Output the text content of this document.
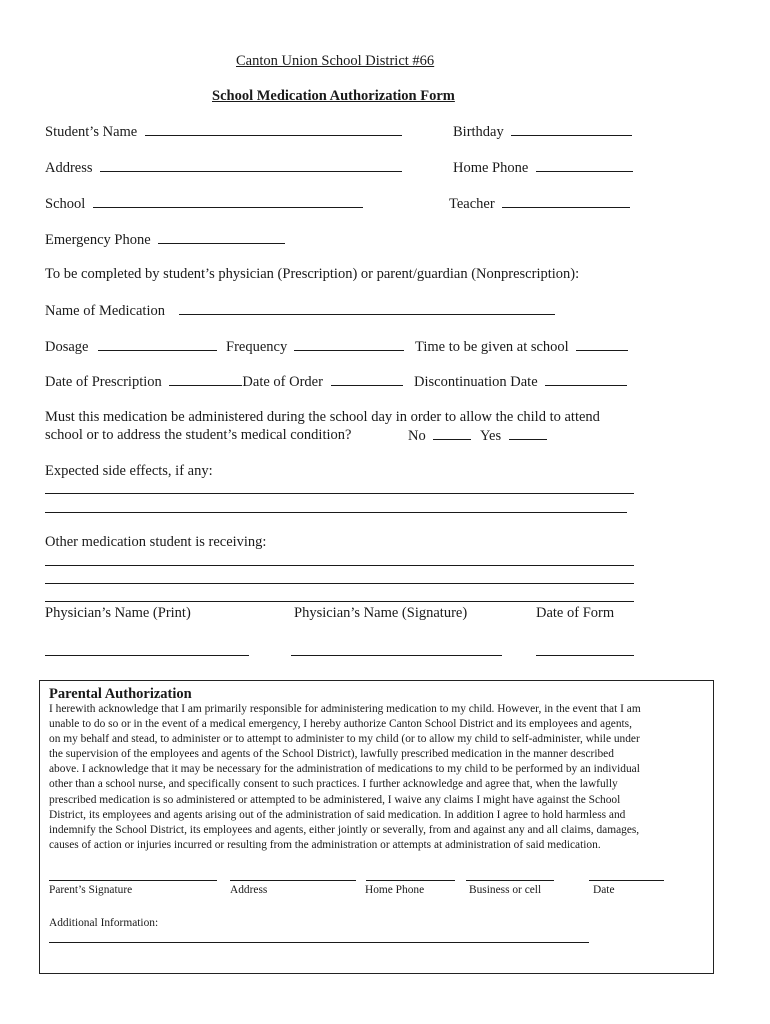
Canton Union School District #66
School Medication Authorization Form
Student’s Name	Birthday
Address	Home Phone
School	Teacher
Emergency Phone
To be completed by student’s physician (Prescription) or parent/guardian (Nonprescription):
Name of Medication
Dosage	Frequency	Time to be given at school
Date of Prescription	Date of Order	Discontinuation Date
Must this medication be administered during the school day in order to allow the child to attend
school or to address the student’s medical condition?	No	Yes
Expected side effects, if any:
Other medication student is receiving:
Physician’s Name (Print)	Physician’s Name (Signature)	Date of Form
Parental Authorization
I herewith acknowledge that I am primarily responsible for administering medication to my child. However, in the event that I am
unable to do so or in the event of a medical emergency, I hereby authorize Canton School District and its employees and agents,
on my behalf and stead, to administer or to attempt to administer to my child (or to allow my child to self-administer, while under
the supervision of the employees and agents of the School District), lawfully prescribed medication in the manner described
above. I acknowledge that it may be necessary for the administration of medications to my child to be performed by an individual
other than a school nurse, and specifically consent to such practices. I further acknowledge and agree that, when the lawfully
prescribed medication is so administered or attempted to be administered, I waive any claims I might have against the School
District, its employees and agents arising out of the administration of said medication. In addition I agree to hold harmless and
indemnify the School District, its employees and agents, either jointly or severally, from and against any and all claims, damages,
causes of action or injuries incurred or resulting from the administration or attempts at administration of said medication.
Parent’s Signature	Address	Home Phone	Business or cell	Date
Additional Information:
